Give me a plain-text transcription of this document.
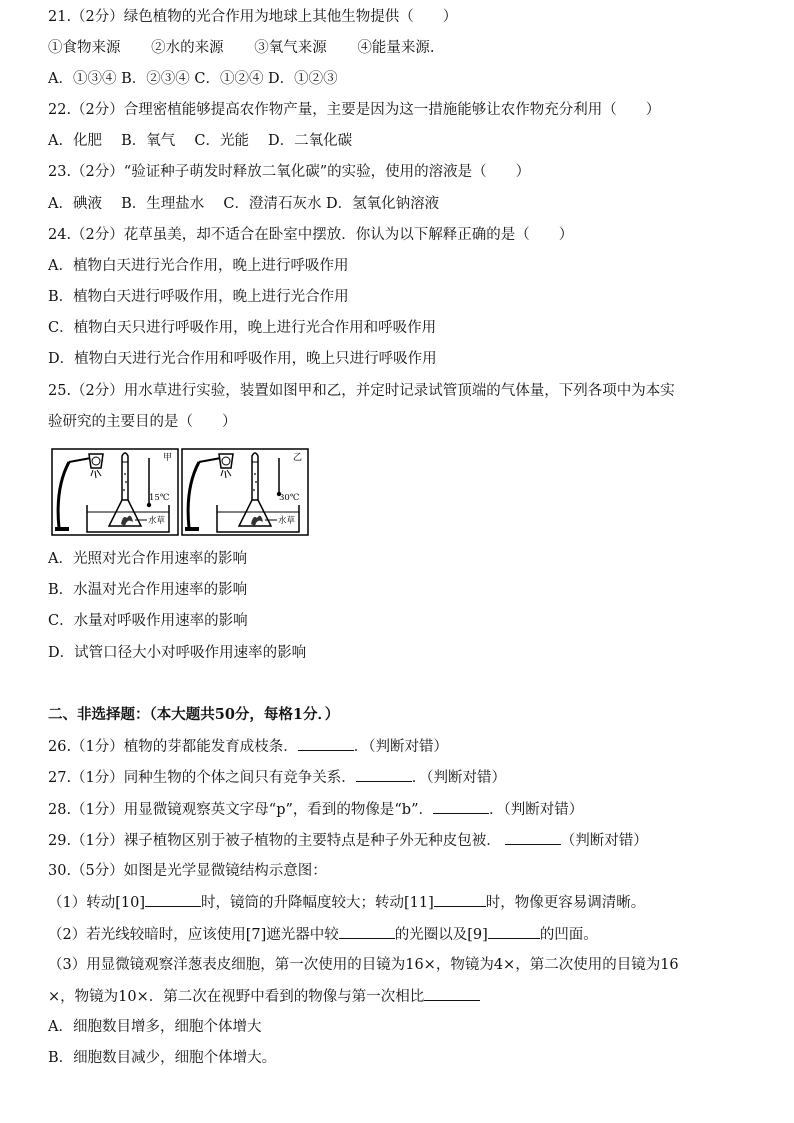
21.（2分）绿色植物的光合作用为地球上其他生物提供（　　）
①食物来源 ②水的来源 ③氧气来源 ④能量来源.
A．①③④ B．②③④ C．①②④ D．①②③
22.（2分）合理密植能够提高农作物产量，主要是因为这一措施能够让农作物充分利用（　　）
A．化肥　 B．氧气　 C．光能　 D．二氧化碳
23.（2分）“验证种子萌发时释放二氧化碳”的实验，使用的溶液是（　　）
A．碘液　 B．生理盐水　 C．澄清石灰水 D．氢氧化钠溶液
24.（2分）花草虽美，却不适合在卧室中摆放．你认为以下解释正确的是（　　）
A．植物白天进行光合作用，晚上进行呼吸作用
B．植物白天进行呼吸作用，晚上进行光合作用
C．植物白天只进行呼吸作用，晚上进行光合作用和呼吸作用
D．植物白天进行光合作用和呼吸作用，晚上只进行呼吸作用
25.（2分）用水草进行实验，装置如图甲和乙，并定时记录试管顶端的气体量，下列各项中为本实
验研究的主要目的是（　　）
甲
15℃
水草
乙
30℃
水草
A．光照对光合作用速率的影响
B．水温对光合作用速率的影响
C．水量对呼吸作用速率的影响
D．试管口径大小对呼吸作用速率的影响
二、非选择题：（本大题共50分，每格1分．）
26.（1分）植物的芽都能发育成枝条．	．（判断对错）
27.（1分）同种生物的个体之间只有竞争关系．	．（判断对错）
28.（1分）用显微镜观察英文字母“p”，看到的物像是“b”．	．（判断对错）
29.（1分）裸子植物区别于被子植物的主要特点是种子外无种皮包被．	（判断对错）
30.（5分）如图是光学显微镜结构示意图：
（1）转动[10]	时，镜筒的升降幅度较大；转动[11]	时，物像更容易调清晰。
（2）若光线较暗时，应该使用[7]遮光器中较	的光圈以及[9]	的凹面。
（3）用显微镜观察洋葱表皮细胞，第一次使用的目镜为16×，物镜为4×，第二次使用的目镜为16
×，物镜为10×．第二次在视野中看到的物像与第一次相比
A．细胞数目增多，细胞个体增大
B．细胞数目减少，细胞个体增大。
